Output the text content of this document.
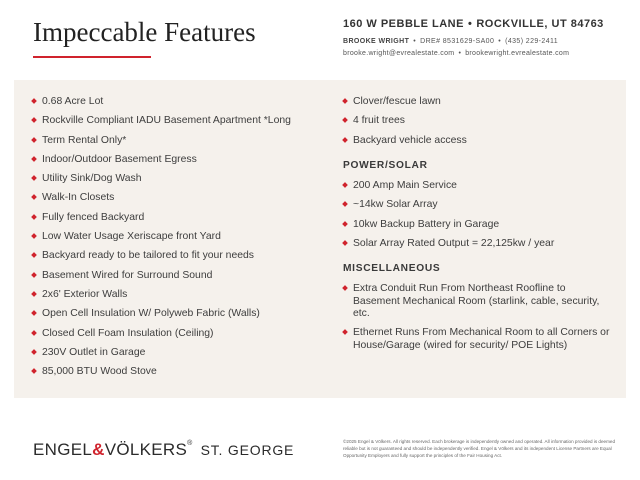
Impeccable Features	160 W PEBBLE LANE • ROCKVILLE, UT 84763
BROOKE WRIGHT • DRE# 8531629-SA00 • (435) 229-2411
brooke.wright@evrealestate.com • brookewright.evrealestate.com
0.68 Acre Lot
Rockville Compliant IADU Basement Apartment *Long
Term Rental Only*
Indoor/Outdoor Basement Egress
Utility Sink/Dog Wash
Walk-In Closets
Fully fenced Backyard
Low Water Usage Xeriscape front Yard
Backyard ready to be tailored to fit your needs
Basement Wired for Surround Sound
2x6' Exterior Walls
Open Cell Insulation W/ Polyweb Fabric (Walls)
Closed Cell Foam Insulation (Ceiling)
230V Outlet in Garage
85,000 BTU Wood Stove
Clover/fescue lawn
4 fruit trees
Backyard vehicle access
POWER/SOLAR
200 Amp Main Service
~14kw Solar Array
10kw Backup Battery in Garage
Solar Array Rated Output = 22,125kw / year
MISCELLANEOUS
Extra Conduit Run From Northeast Roofline to Basement Mechanical Room (starlink, cable, security, etc.
Ethernet Runs From Mechanical Room to all Corners or House/Garage (wired for security/ POE Lights)
ENGEL&VÖLKERS® ST. GEORGE
©2025 Engel & Völkers. All rights reserved. Each brokerage is independently owned and operated. All information provided is deemed reliable but is not guaranteed and should be independently verified. Engel & Völkers and its independent License Partners are Equal Opportunity Employers and fully support the principles of the Fair Housing Act.
